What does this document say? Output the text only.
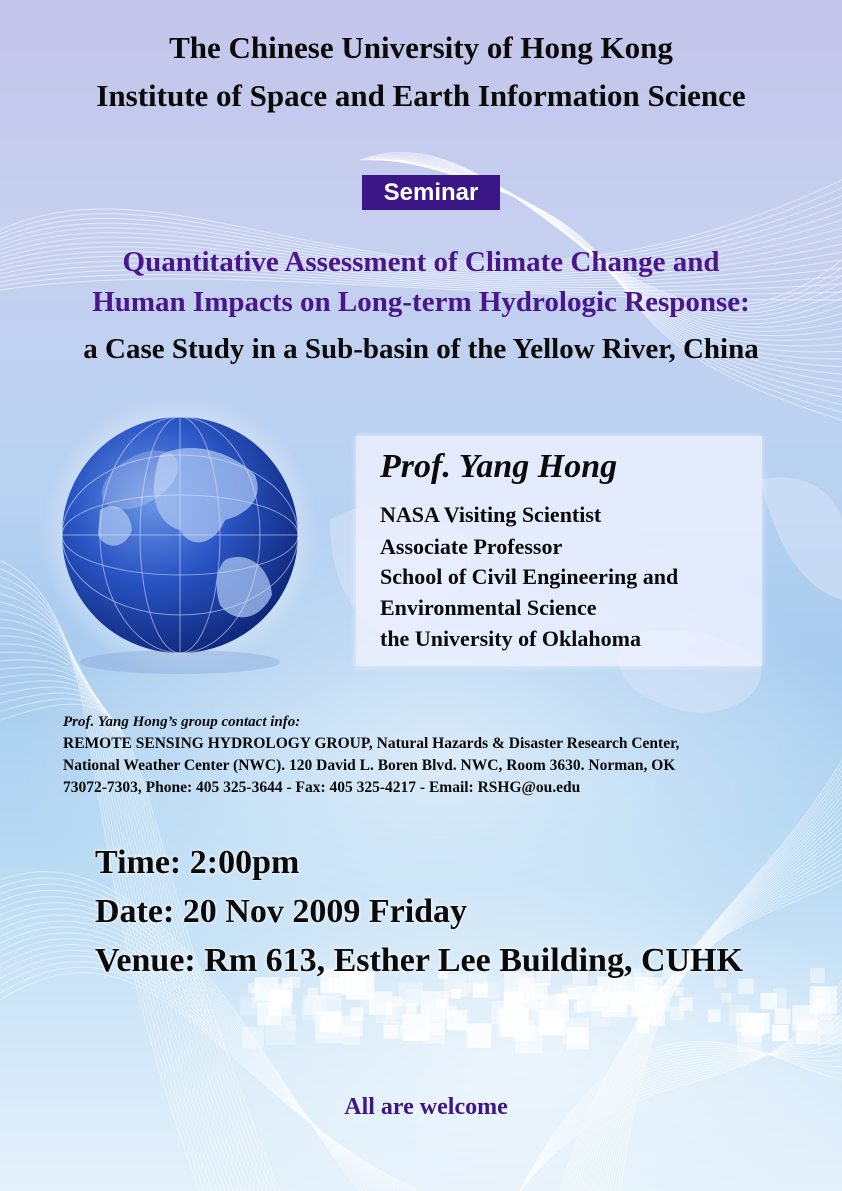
The Chinese University of Hong Kong
Institute of Space and Earth Information Science
Seminar
Quantitative Assessment of Climate Change and
Human Impacts on Long-term Hydrologic Response:
a Case Study in a Sub-basin of the Yellow River, China
Prof. Yang Hong
NASA Visiting Scientist
Associate Professor
School of Civil Engineering and
Environmental Science
the University of Oklahoma
Prof. Yang Hong’s group contact info:
REMOTE SENSING HYDROLOGY GROUP, Natural Hazards & Disaster Research Center,
National Weather Center (NWC). 120 David L. Boren Blvd. NWC, Room 3630. Norman, OK
73072-7303, Phone: 405 325-3644 - Fax: 405 325-4217 - Email: RSHG@ou.edu
Time: 2:00pm
Date: 20 Nov 2009 Friday
Venue: Rm 613, Esther Lee Building, CUHK
All are welcome
